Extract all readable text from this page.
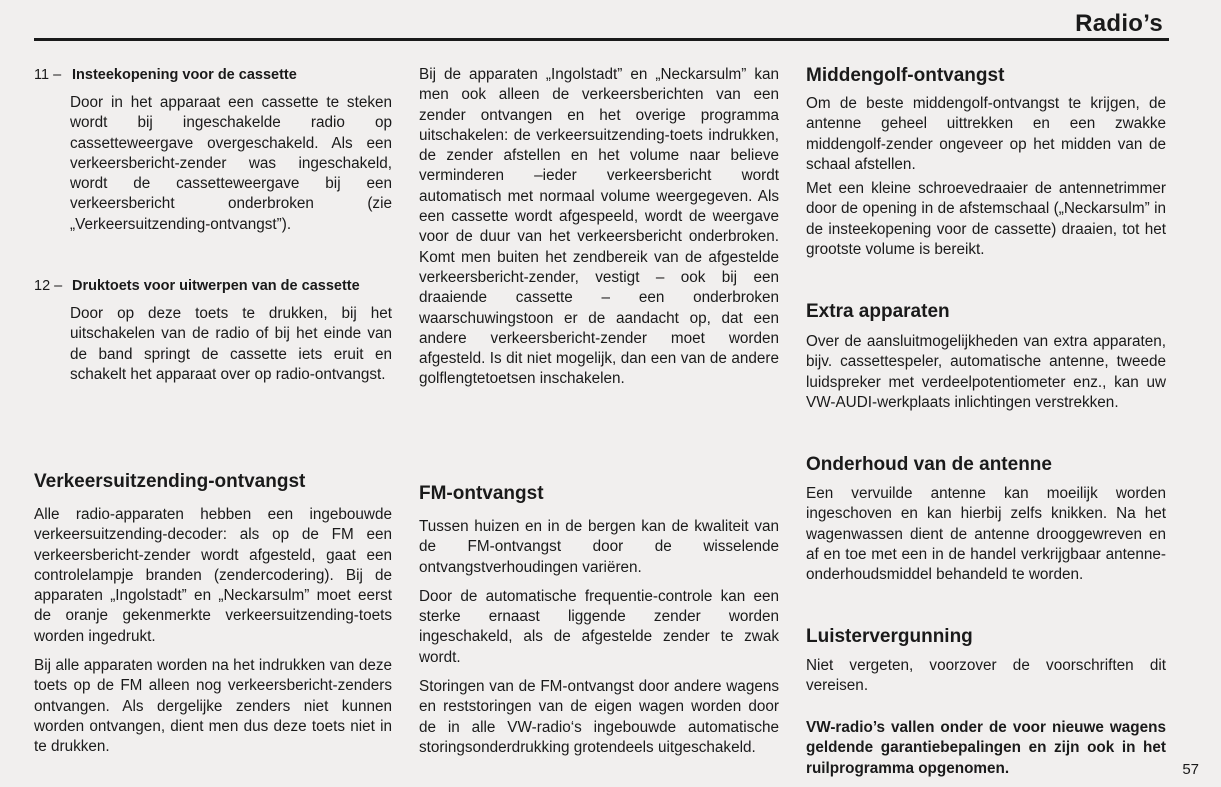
Radio’s
11 – Insteekopening voor de cassette

Door in het apparaat een cassette te steken wordt bij ingeschakelde radio op cassetteweergave overgeschakeld. Als een verkeersbericht-zender was ingeschakeld, wordt de cassetteweergave bij een verkeersbericht onderbroken (zie „Verkeersuitzending-ontvangst”).

12 – Druktoets voor uitwerpen van de cassette

Door op deze toets te drukken, bij het uitschakelen van de radio of bij het einde van de band springt de cassette iets eruit en schakelt het apparaat over op radio-ontvangst.

Verkeersuitzending-ontvangst

Alle radio-apparaten hebben een ingebouwde verkeersuitzending-decoder: als op de FM een verkeersbericht-zender wordt afgesteld, gaat een controlelampje branden (zendercodering). Bij de apparaten „Ingolstadt” en „Neckarsulm” moet eerst de oranje gekenmerkte verkeersuitzending-toets worden ingedrukt.

Bij alle apparaten worden na het indrukken van deze toets op de FM alleen nog verkeersbericht-zenders ontvangen. Als dergelijke zenders niet kunnen worden ontvangen, dient men dus deze toets niet in te drukken.

Bij de apparaten „Ingolstadt” en „Neckarsulm” kan men ook alleen de verkeersberichten van een zender ontvangen en het overige programma uitschakelen: de verkeersuitzending-toets indrukken, de zender afstellen en het volume naar believe verminderen –ieder verkeersbericht wordt automatisch met normaal volume weergegeven. Als een cassette wordt afgespeeld, wordt de weergave voor de duur van het verkeersbericht onderbroken. Komt men buiten het zendbereik van de afgestelde verkeersbericht-zender, vestigt – ook bij een draaiende cassette – een onderbroken waarschuwingstoon er de aandacht op, dat een andere verkeersbericht-zender moet worden afgesteld. Is dit niet mogelijk, dan een van de andere golflengtetoetsen inschakelen.

FM-ontvangst

Tussen huizen en in de bergen kan de kwaliteit van de FM-ontvangst door de wisselende ontvangstverhoudingen variëren.

Door de automatische frequentie-controle kan een sterke ernaast liggende zender worden ingeschakeld, als de afgestelde zender te zwak wordt.

Storingen van de FM-ontvangst door andere wagens en reststoringen van de eigen wagen worden door de in alle VW-radio‘s ingebouwde automatische storingsonderdrukking grotendeels uitgeschakeld.

Middengolf-ontvangst

Om de beste middengolf-ontvangst te krijgen, de antenne geheel uittrekken en een zwakke middengolf-zender ongeveer op het midden van de schaal afstellen.

Met een kleine schroevedraaier de antennetrimmer door de opening in de afstemschaal („Neckarsulm” in de insteekopening voor de cassette) draaien, tot het grootste volume is bereikt.

Extra apparaten

Over de aansluitmogelijkheden van extra apparaten, bijv. cassettespeler, automatische antenne, tweede luidspreker met verdeelpotentiometer enz., kan uw VW-AUDI-werkplaats inlichtingen verstrekken.

Onderhoud van de antenne

Een vervuilde antenne kan moeilijk worden ingeschoven en kan hierbij zelfs knikken. Na het wagenwassen dient de antenne drooggewreven en af en toe met een in de handel verkrijgbaar antenne-onderhoudsmiddel behandeld te worden.

Luistervergunning

Niet vergeten, voorzover de voorschriften dit vereisen.

VW-radio’s vallen onder de voor nieuwe wagens geldende garantiebepalingen en zijn ook in het ruilprogramma opgenomen.	57
